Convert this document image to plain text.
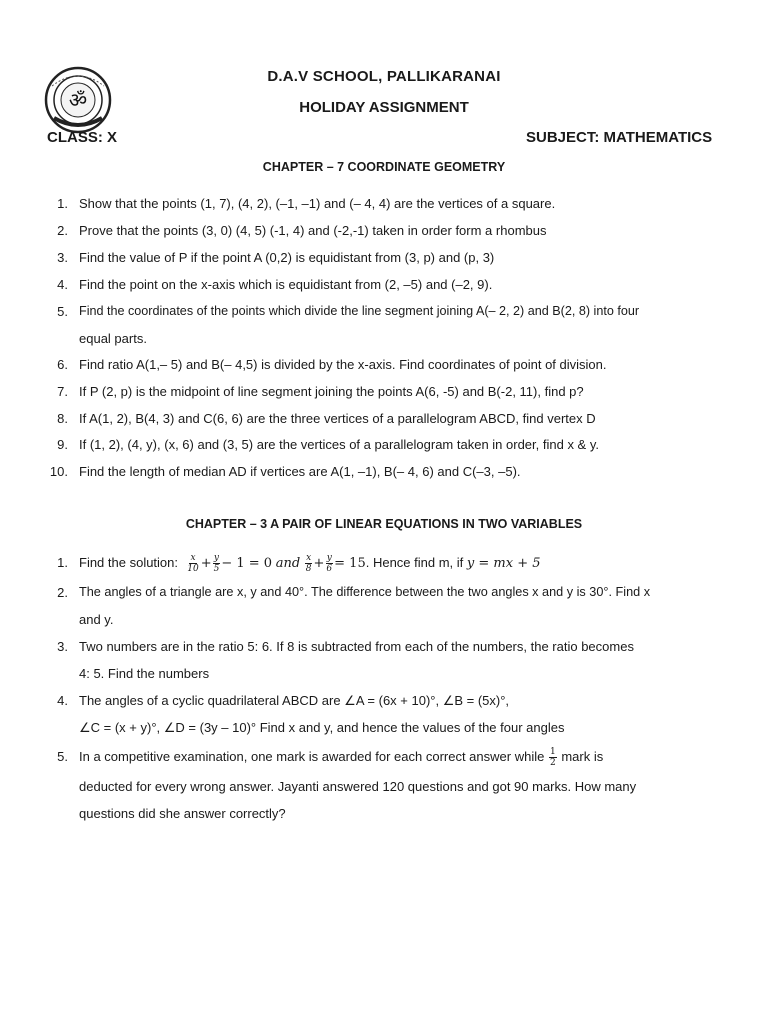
ॐ
D.A.V SCHOOL, PALLIKARANAI
HOLIDAY ASSIGNMENT
CLASS: X	SUBJECT: MATHEMATICS
CHAPTER – 7 COORDINATE GEOMETRY
1. Show that the points (1, 7), (4, 2), (–1, –1) and (– 4, 4) are the vertices of a square.
2. Prove that the points (3, 0) (4, 5) (-1, 4) and (-2,-1) taken in order form a rhombus
3. Find the value of P if the point A (0,2) is equidistant from (3, p) and (p, 3)
4. Find the point on the x-axis which is equidistant from (2, –5) and (–2, 9).
5. Find the coordinates of the points which divide the line segment joining A(– 2, 2) and B(2, 8) into four
equal parts.
6. Find ratio A(1,– 5) and B(– 4,5) is divided by the x-axis. Find coordinates of point of division.
7. If P (2, p) is the midpoint of line segment joining the points A(6, -5) and B(-2, 11), find p?
8. If A(1, 2), B(4, 3) and C(6, 6) are the three vertices of a parallelogram ABCD, find vertex D
9. If (1, 2), (4, y), (x, 6) and (3, 5) are the vertices of a parallelogram taken in order, find x & y.
10. Find the length of median AD if vertices are A(1, –1), B(– 4, 6) and C(–3, –5).
CHAPTER – 3 A PAIR OF LINEAR EQUATIONS IN TWO VARIABLES
1. Find the solution: $\frac{x}{10} + \frac{y}{5} - 1 = 0$ and $\frac{x}{8} + \frac{y}{6} = 15$. Hence find m, if y = mx + 5
2. The angles of a triangle are x, y and 40°. The difference between the two angles x and y is 30°. Find x
and y.
3. Two numbers are in the ratio 5: 6. If 8 is subtracted from each of the numbers, the ratio becomes
4: 5. Find the numbers
4. The angles of a cyclic quadrilateral ABCD are ∠A = (6x + 10)°, ∠B = (5x)°,
∠C = (x + y)°, ∠D = (3y – 10)° Find x and y, and hence the values of the four angles
5. In a competitive examination, one mark is awarded for each correct answer while $\frac{1}{2}$ mark is
deducted for every wrong answer. Jayanti answered 120 questions and got 90 marks. How many
questions did she answer correctly?
